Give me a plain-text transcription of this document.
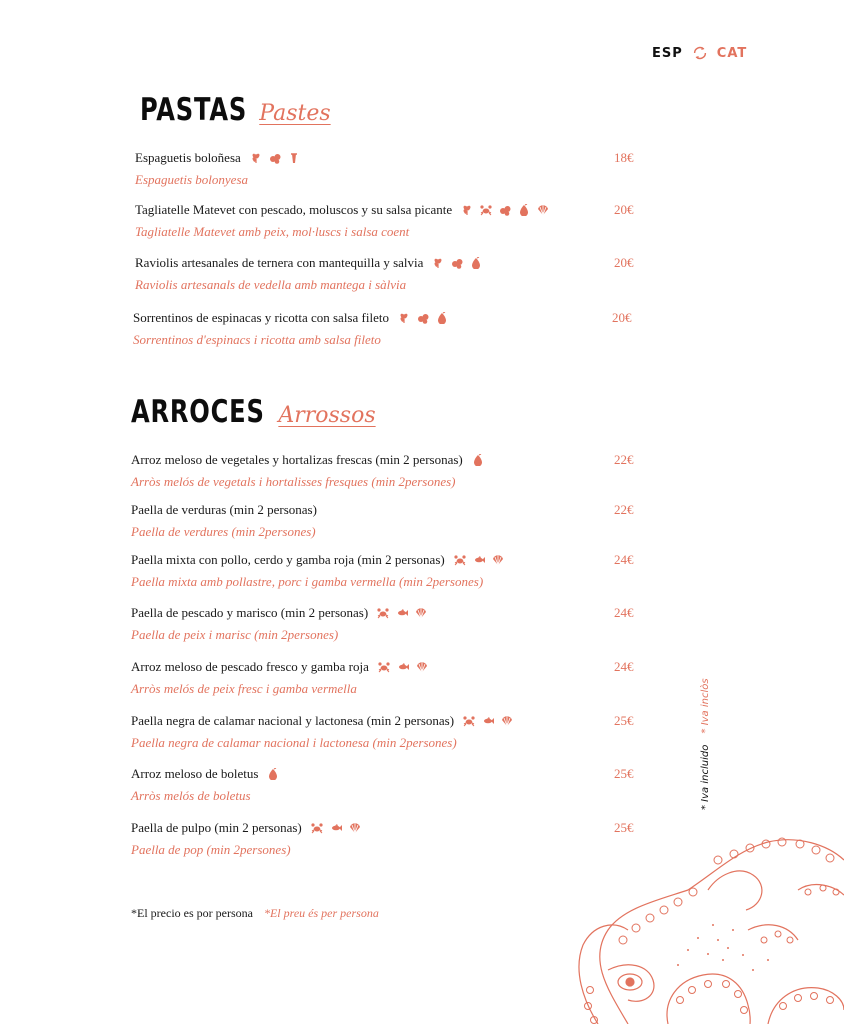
ESP	CAT
PASTAS Pastes
Espaguetis boloñesa
Espaguetis bolonyesa
18€
Tagliatelle Matevet con pescado, moluscos y su salsa picante
Tagliatelle Matevet amb peix, mol·luscs i salsa coent
20€
Raviolis artesanales de ternera con mantequilla y salvia
Raviolis artesanals de vedella amb mantega i sàlvia
20€
Sorrentinos de espinacas y ricotta con salsa fileto
Sorrentinos d'espinacs i ricotta amb salsa fileto
20€
ARROCES Arrossos
Arroz meloso de vegetales y hortalizas frescas (min 2 personas)
Arròs melós de vegetals i hortalisses fresques (min 2persones)
22€
Paella de verduras (min 2 personas)
Paella de verdures (min 2persones)
22€
Paella mixta con pollo, cerdo y gamba roja (min 2 personas)
Paella mixta amb pollastre, porc i gamba vermella (min 2persones)
24€
Paella de pescado y marisco (min 2 personas)
Paella de peix i marisc (min 2persones)
24€
Arroz meloso de pescado fresco y gamba roja
Arròs melós de peix fresc i gamba vermella
24€
Paella negra de calamar nacional y lactonesa (min 2 personas)
Paella negra de calamar nacional i lactonesa (min 2persones)
25€
Arroz meloso de boletus
Arròs melós de boletus
25€
Paella de pulpo (min 2 personas)
Paella de pop (min 2persones)
25€
*El precio es por persona *El preu és per persona
* Iva incluido * Iva inclòs
